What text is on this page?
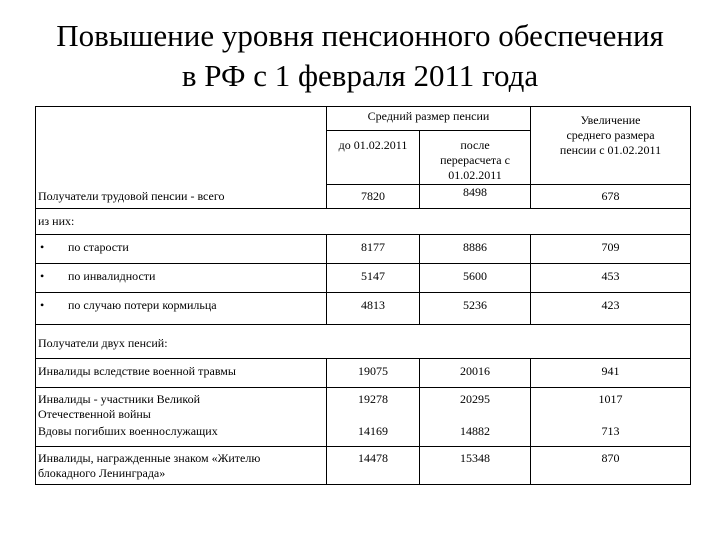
Повышение уровня пенсионного обеспечения
в РФ с 1 февраля 2011 года
	Средний размер пенсии		Увеличение
среднего размера
пенсии с 01.02.2011

	до 01.02.2011	после
перерасчета с
01.02.2011	

Получатели трудовой пенсии - всего	7820	8498	678
из них:			
• по старости	8177	8886	709
• по инвалидности	5147	5600	453
• по случаю потери кормильца	4813	5236	423
Получатели двух пенсий:			
Инвалиды вследствие военной травмы	19075	20016	941

Инвалиды - участники Великой
Отечественной войны	19278	20295	1017
Вдовы погибших военнослужащих	14169	14882	713

Инвалиды, награжденные знаком «Жителю
блокадного Ленинграда»	14478	15348	870
